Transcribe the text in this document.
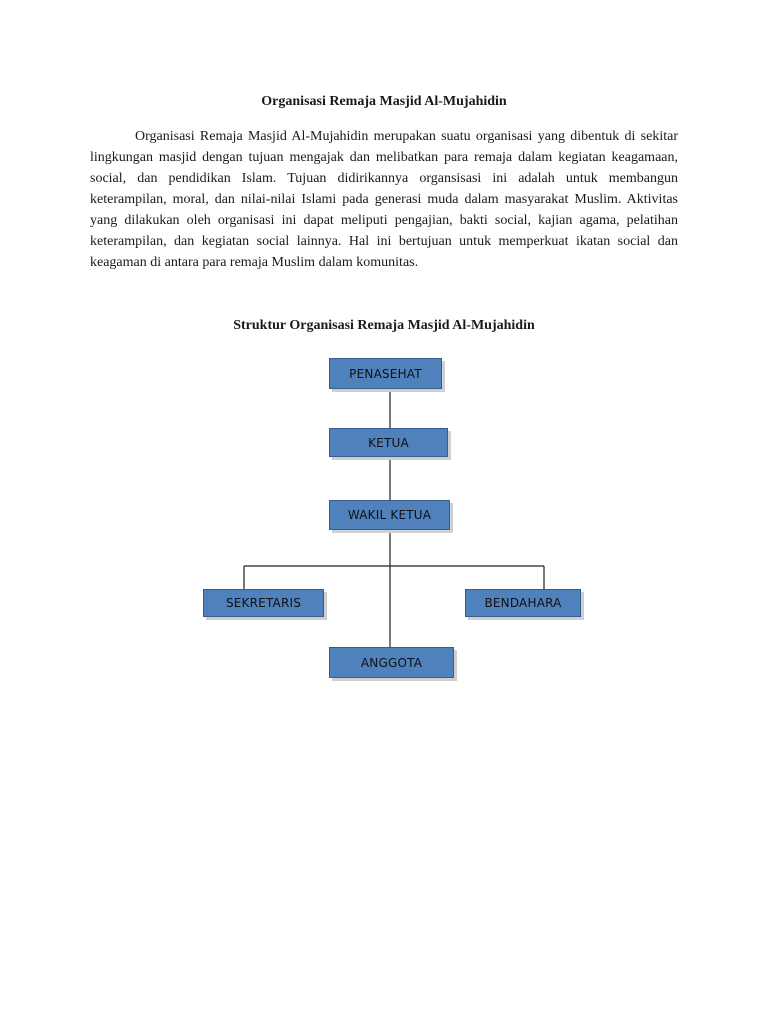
Organisasi Remaja Masjid Al-Mujahidin

Organisasi Remaja Masjid Al-Mujahidin merupakan suatu organisasi yang dibentuk di sekitar lingkungan masjid dengan tujuan mengajak dan melibatkan para remaja dalam kegiatan keagamaan, social, dan pendidikan Islam. Tujuan didirikannya organsisasi ini adalah untuk membangun keterampilan, moral, dan nilai-nilai Islami pada generasi muda dalam masyarakat Muslim. Aktivitas yang dilakukan oleh organisasi ini dapat meliputi pengajian, bakti social, kajian agama, pelatihan keterampilan, dan kegiatan social lainnya. Hal ini bertujuan untuk memperkuat ikatan social dan keagaman di antara para remaja Muslim dalam komunitas.

Struktur Organisasi Remaja Masjid Al-Mujahidin
PENASEHAT
KETUA
WAKIL KETUA
SEKRETARIS	BENDAHARA
ANGGOTA
